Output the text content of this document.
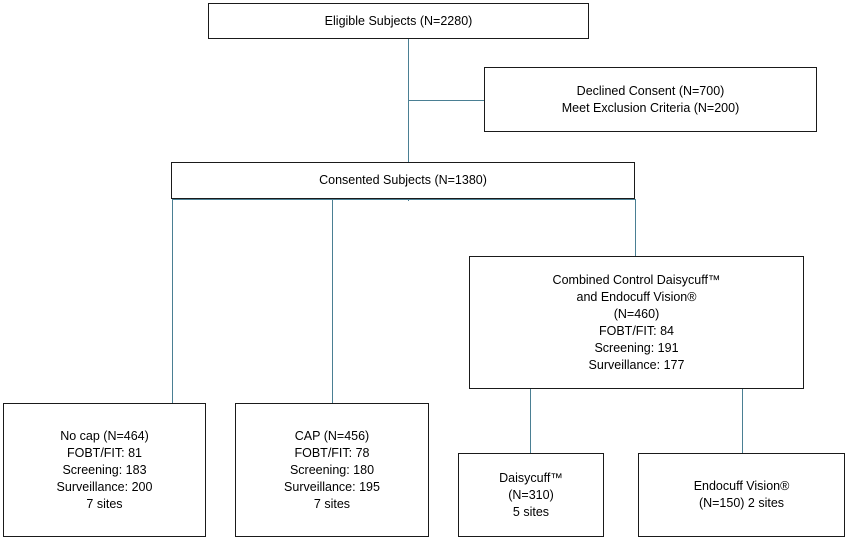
Eligible Subjects (N=2280)
Declined Consent (N=700)
Meet Exclusion Criteria (N=200)
Consented Subjects (N=1380)
Combined Control Daisycuff™
and Endocuff Vision®
(N=460)
FOBT/FIT: 84
Screening: 191
Surveillance: 177
No cap (N=464)
FOBT/FIT: 81
Screening: 183
Surveillance: 200
7 sites
CAP (N=456)
FOBT/FIT: 78
Screening: 180
Surveillance: 195
7 sites
Daisycuff™
(N=310)
5 sites
Endocuff Vision®
(N=150) 2 sites
